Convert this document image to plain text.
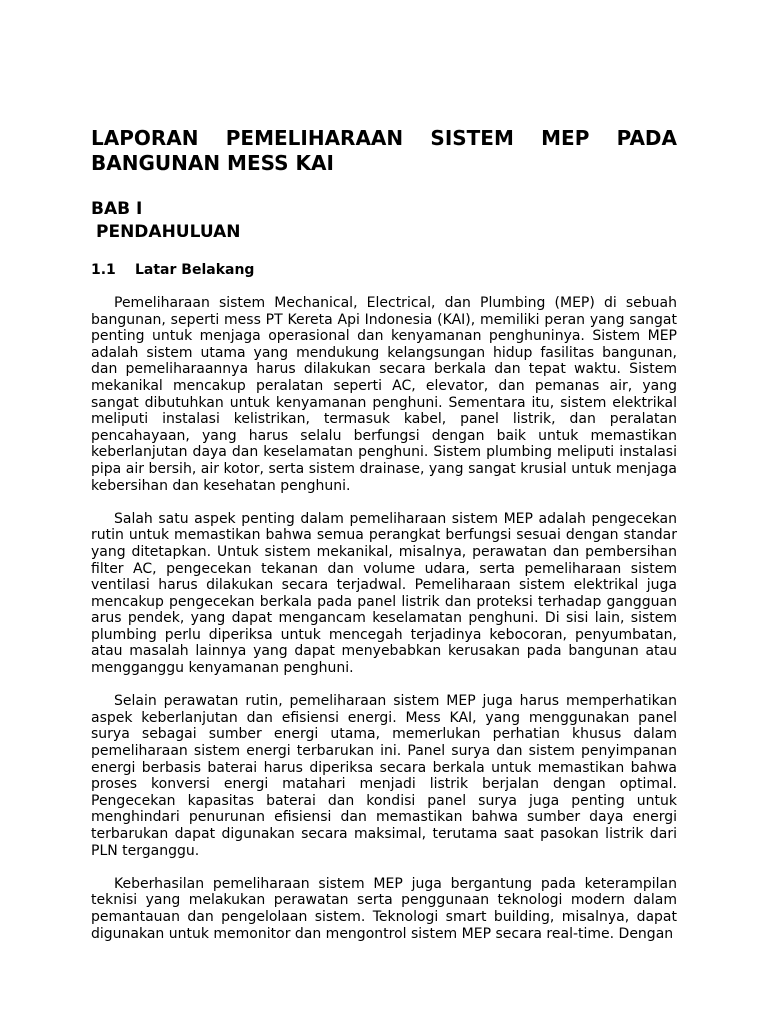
LAPORAN PEMELIHARAAN SISTEM MEP PADA
BANGUNAN MESS KAI
BAB I
PENDAHULUAN
1.1 Latar Belakang

Pemeliharaan sistem Mechanical, Electrical, dan Plumbing (MEP) di sebuah bangunan, seperti mess PT Kereta Api Indonesia (KAI), memiliki peran yang sangat penting untuk menjaga operasional dan kenyamanan penghuninya. Sistem MEP adalah sistem utama yang mendukung kelangsungan hidup fasilitas bangunan, dan pemeliharaannya harus dilakukan secara berkala dan tepat waktu. Sistem mekanikal mencakup peralatan seperti AC, elevator, dan pemanas air, yang sangat dibutuhkan untuk kenyamanan penghuni. Sementara itu, sistem elektrikal meliputi instalasi kelistrikan, termasuk kabel, panel listrik, dan peralatan pencahayaan, yang harus selalu berfungsi dengan baik untuk memastikan keberlanjutan daya dan keselamatan penghuni. Sistem plumbing meliputi instalasi pipa air bersih, air kotor, serta sistem drainase, yang sangat krusial untuk menjaga kebersihan dan kesehatan penghuni.

Salah satu aspek penting dalam pemeliharaan sistem MEP adalah pengecekan rutin untuk memastikan bahwa semua perangkat berfungsi sesuai dengan standar yang ditetapkan. Untuk sistem mekanikal, misalnya, perawatan dan pembersihan filter AC, pengecekan tekanan dan volume udara, serta pemeliharaan sistem ventilasi harus dilakukan secara terjadwal. Pemeliharaan sistem elektrikal juga mencakup pengecekan berkala pada panel listrik dan proteksi terhadap gangguan arus pendek, yang dapat mengancam keselamatan penghuni. Di sisi lain, sistem plumbing perlu diperiksa untuk mencegah terjadinya kebocoran, penyumbatan, atau masalah lainnya yang dapat menyebabkan kerusakan pada bangunan atau mengganggu kenyamanan penghuni.

Selain perawatan rutin, pemeliharaan sistem MEP juga harus memperhatikan aspek keberlanjutan dan efisiensi energi. Mess KAI, yang menggunakan panel surya sebagai sumber energi utama, memerlukan perhatian khusus dalam pemeliharaan sistem energi terbarukan ini. Panel surya dan sistem penyimpanan energi berbasis baterai harus diperiksa secara berkala untuk memastikan bahwa proses konversi energi matahari menjadi listrik berjalan dengan optimal. Pengecekan kapasitas baterai dan kondisi panel surya juga penting untuk menghindari penurunan efisiensi dan memastikan bahwa sumber daya energi terbarukan dapat digunakan secara maksimal, terutama saat pasokan listrik dari PLN terganggu.

Keberhasilan pemeliharaan sistem MEP juga bergantung pada keterampilan teknisi yang melakukan perawatan serta penggunaan teknologi modern dalam pemantauan dan pengelolaan sistem. Teknologi smart building, misalnya, dapat digunakan untuk memonitor dan mengontrol sistem MEP secara real-time. Dengan
